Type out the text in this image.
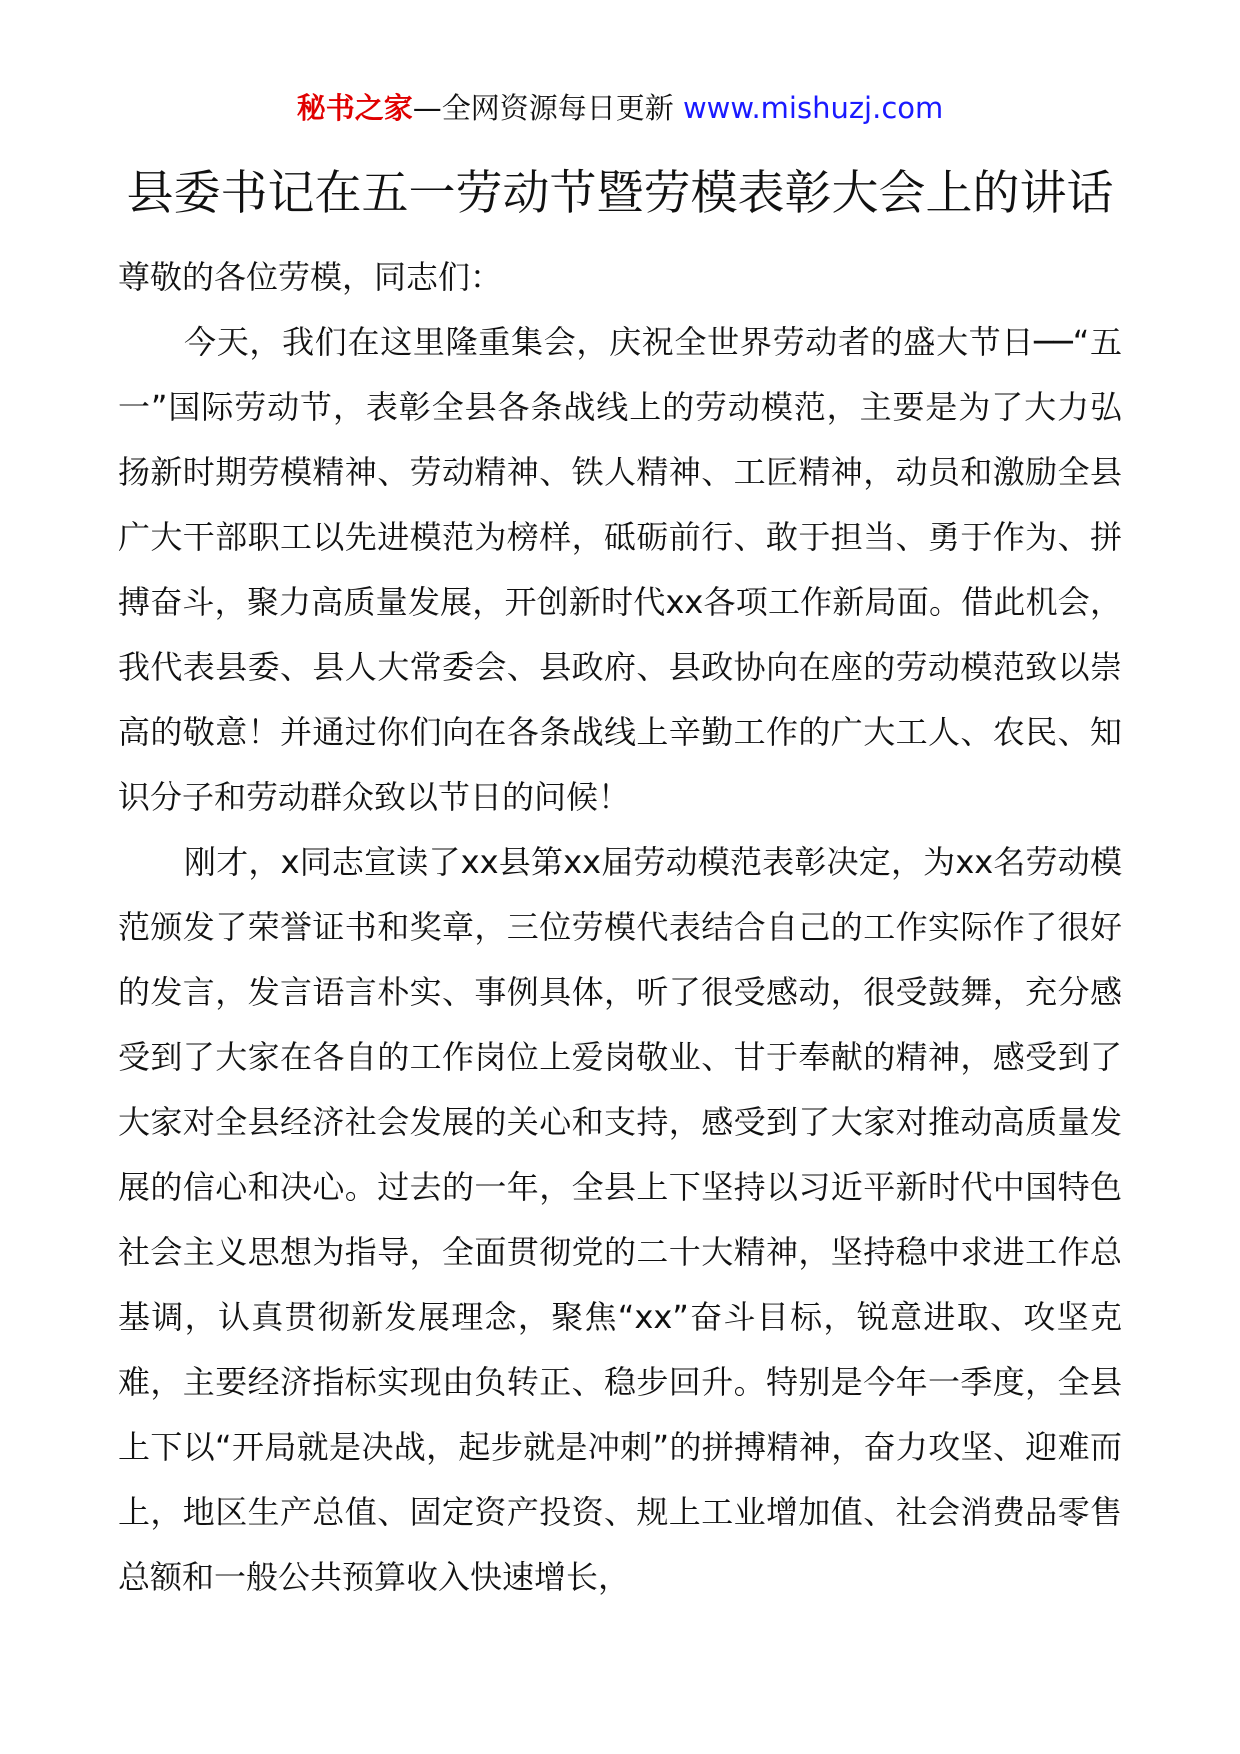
秘书之家—全网资源每日更新 www.mishuzj.com
县委书记在五一劳动节暨劳模表彰大会上的讲话

尊敬的各位劳模，同志们：

今天，我们在这里隆重集会，庆祝全世界劳动者的盛大节日──“五一”国际劳动节，表彰全县各条战线上的劳动模范，主要是为了大力弘扬新时期劳模精神、劳动精神、铁人精神、工匠精神，动员和激励全县广大干部职工以先进模范为榜样，砥砺前行、敢于担当、勇于作为、拼搏奋斗，聚力高质量发展，开创新时代xx各项工作新局面。借此机会，我代表县委、县人大常委会、县政府、县政协向在座的劳动模范致以崇高的敬意！并通过你们向在各条战线上辛勤工作的广大工人、农民、知识分子和劳动群众致以节日的问候！

刚才，x同志宣读了xx县第xx届劳动模范表彰决定，为xx名劳动模范颁发了荣誉证书和奖章，三位劳模代表结合自己的工作实际作了很好的发言，发言语言朴实、事例具体，听了很受感动，很受鼓舞，充分感受到了大家在各自的工作岗位上爱岗敬业、甘于奉献的精神，感受到了大家对全县经济社会发展的关心和支持，感受到了大家对推动高质量发展的信心和决心。过去的一年，全县上下坚持以习近平新时代中国特色社会主义思想为指导，全面贯彻党的二十大精神，坚持稳中求进工作总基调，认真贯彻新发展理念，聚焦“xx”奋斗目标，锐意进取、攻坚克难，主要经济指标实现由负转正、稳步回升。特别是今年一季度，全县上下以“开局就是决战，起步就是冲刺”的拼搏精神，奋力攻坚、迎难而上，地区生产总值、固定资产投资、规上工业增加值、社会消费品零售总额和一般公共预算收入快速增长，
